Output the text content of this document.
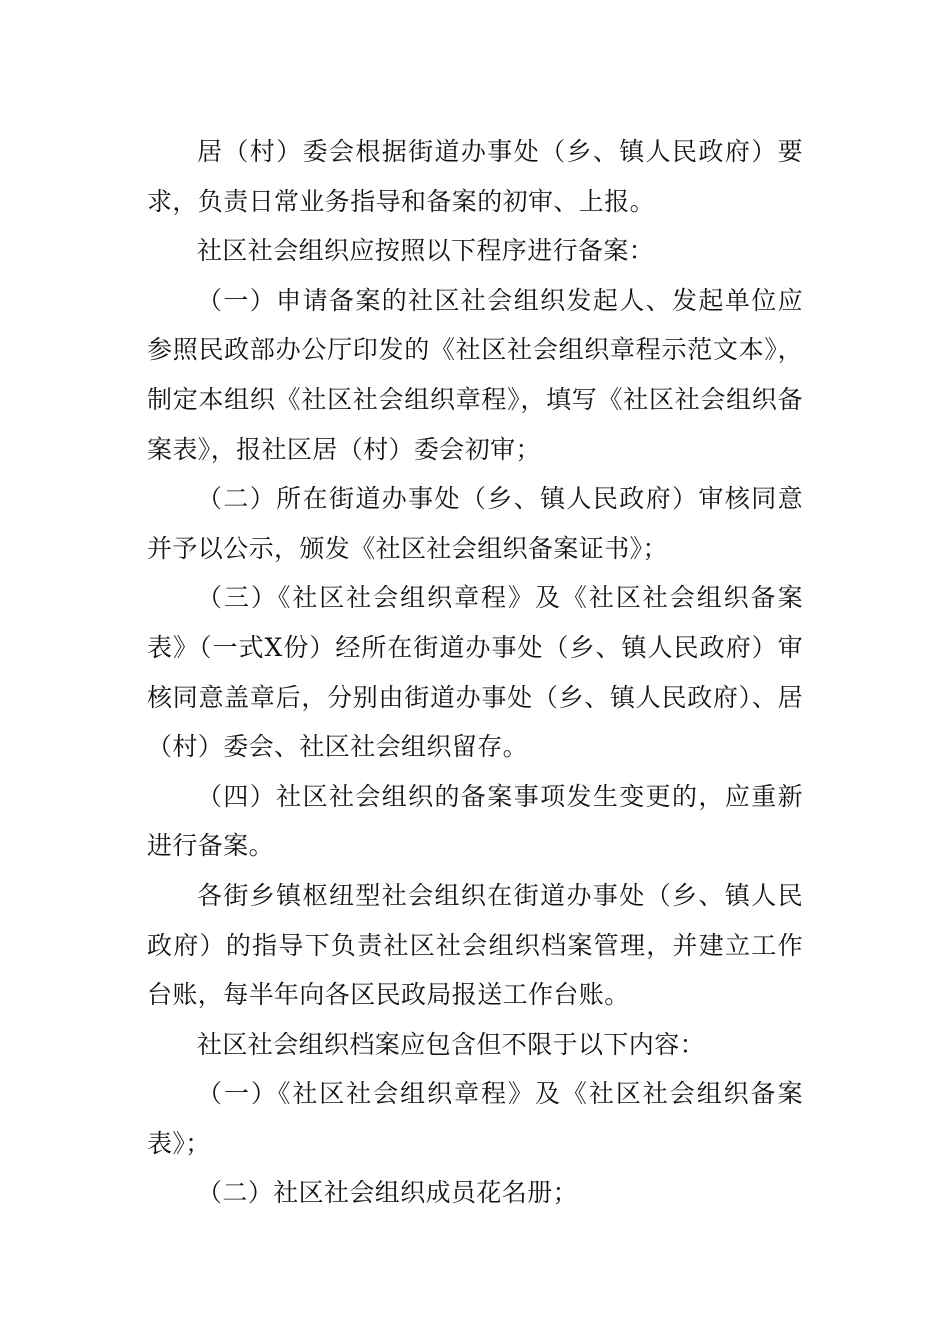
居（村）委会根据街道办事处（乡、镇人民政府）要求，负责日常业务指导和备案的初审、上报。

社区社会组织应按照以下程序进行备案：

（一）申请备案的社区社会组织发起人、发起单位应参照民政部办公厅印发的《社区社会组织章程示范文本》，制定本组织《社区社会组织章程》，填写《社区社会组织备案表》，报社区居（村）委会初审；

（二）所在街道办事处（乡、镇人民政府）审核同意并予以公示，颁发《社区社会组织备案证书》；

（三）《社区社会组织章程》及《社区社会组织备案表》（一式X份）经所在街道办事处（乡、镇人民政府）审核同意盖章后，分别由街道办事处（乡、镇人民政府）、居（村）委会、社区社会组织留存。

（四）社区社会组织的备案事项发生变更的，应重新进行备案。

各街乡镇枢纽型社会组织在街道办事处（乡、镇人民政府）的指导下负责社区社会组织档案管理，并建立工作台账，每半年向各区民政局报送工作台账。

社区社会组织档案应包含但不限于以下内容：

（一）《社区社会组织章程》及《社区社会组织备案表》；

（二）社区社会组织成员花名册；
